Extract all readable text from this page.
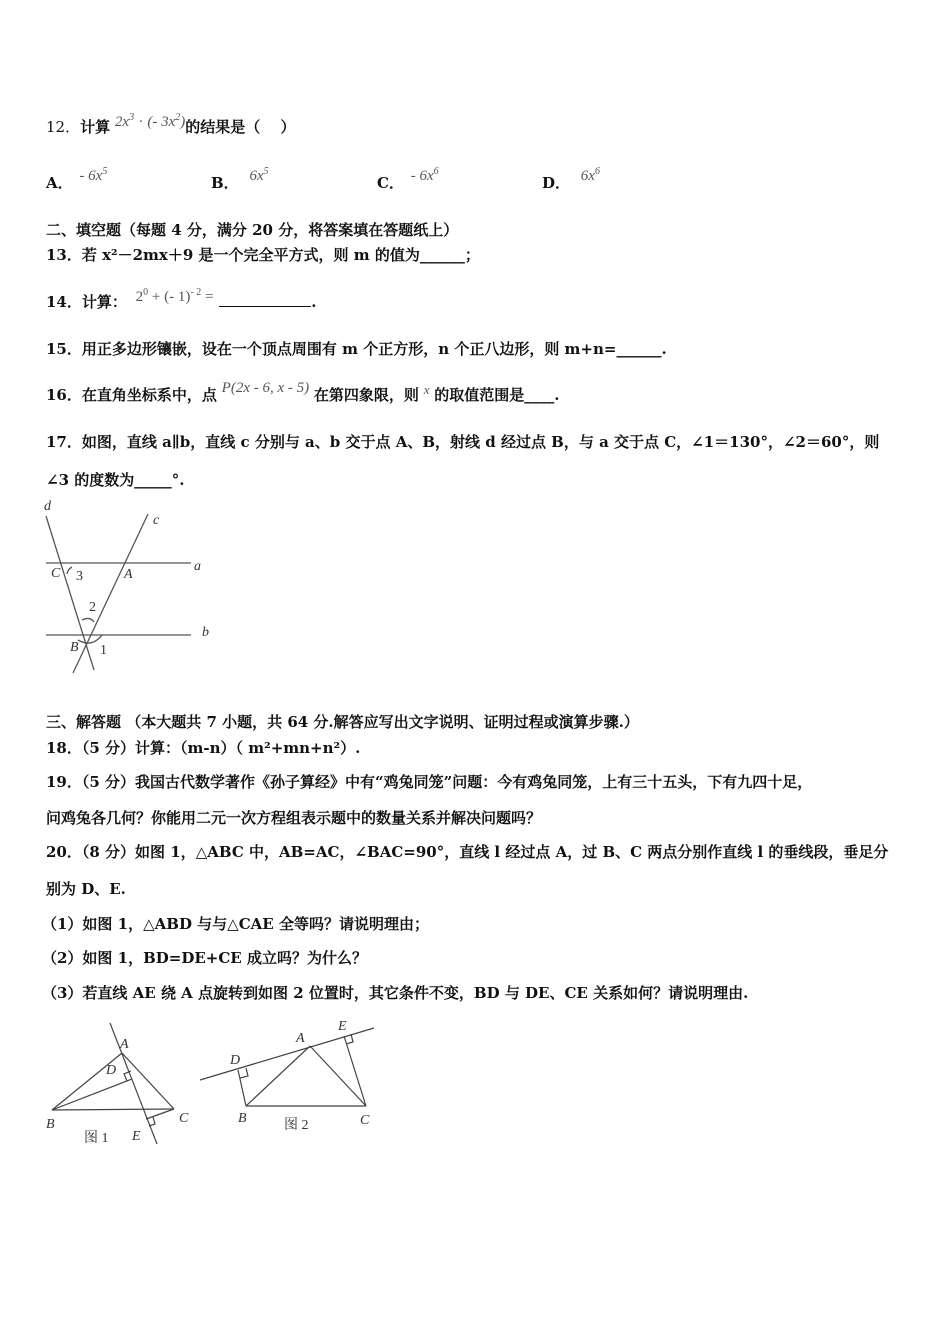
12．计算 $2x^3$ · (- $3x^2$)的结果是（　 ）
A． - $6x^5$
B． $6x^5$
C． - $6x^6$
D． $6x^6$
二、填空题（每题 4 分，满分 20 分，将答案填在答题纸上）
13．若 x²－2mx＋9 是一个完全平方式，则 m 的值为______；
14．计算： $2^0$ + (- 1)$^{- 2}$ =	.
15．用正多边形镶嵌，设在一个顶点周围有 m 个正方形，n 个正八边形，则 m+n=______.
16．在直角坐标系中，点 P(2x - 6, x - 5) 在第四象限，则 x 的取值范围是____.
17．如图，直线 a∥b，直线 c 分别与 a、b 交于点 A、B，射线 d 经过点 B，与 a 交于点 C，∠1＝130°，∠2＝60°，则
∠3 的度数为_____°.
d
c
a
b
C	A
B
3
2
1
三、解答题 （本大题共 7 小题，共 64 分.解答应写出文字说明、证明过程或演算步骤.）
18．（5 分）计算：（m-n）（ m²+mn+n²）.
19．（5 分）我国古代数学著作《孙子算经》中有“鸡兔同笼”问题：今有鸡兔同笼，上有三十五头，下有九四十足，
问鸡兔各几何？你能用二元一次方程组表示题中的数量关系并解决问题吗？
20．（8 分）如图 1，△ABC 中，AB=AC，∠BAC=90°，直线 l 经过点 A，过 B、C 两点分别作直线 l 的垂线段，垂足分
别为 D、E.
（1）如图 1，△ABD 与与△CAE 全等吗？请说明理由；
（2）如图 1，BD=DE+CE 成立吗？为什么？
（3）若直线 AE 绕 A 点旋转到如图 2 位置时，其它条件不变，BD 与 DE、CE 关系如何？请说明理由.
A
D
B	C
E
图 1
A
E
D
B	C
图 2
